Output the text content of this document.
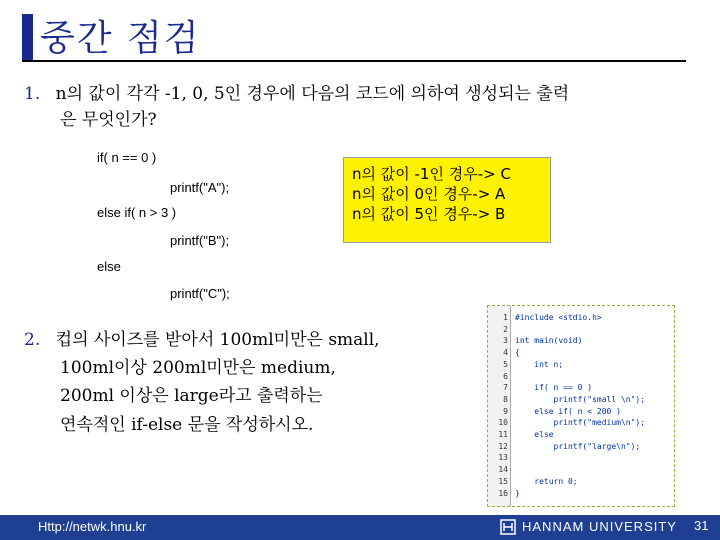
중간 점검
1. n의 값이 각각 -1, 0, 5인 경우에 다음의 코드에 의하여 생성되는 출력
은 무엇인가?
if( n == 0 )
printf("A");
else if( n > 3 )
printf("B");
else
printf("C");
n의 값이 -1인 경우-> C
n의 값이 0인 경우-> A
n의 값이 5인 경우-> B
2. 컵의 사이즈를 받아서 100ml미만은 small,
100ml이상 200ml미만은 medium,
200ml 이상은 large라고 출력하는
연속적인 if-else 문을 작성하시오.
1 #include <stdio.h>
2
3 int main(void)
4 {
5 int n;
6
7 if( n == 0 )
8 printf("small \n");
9 else if( n < 200 )
10 printf("medium\n");
11 else
12 printf("large\n");
13
14
15 return 0;
16 }
Http://netwk.hnu.kr	HANNAM UNIVERSITY 31
